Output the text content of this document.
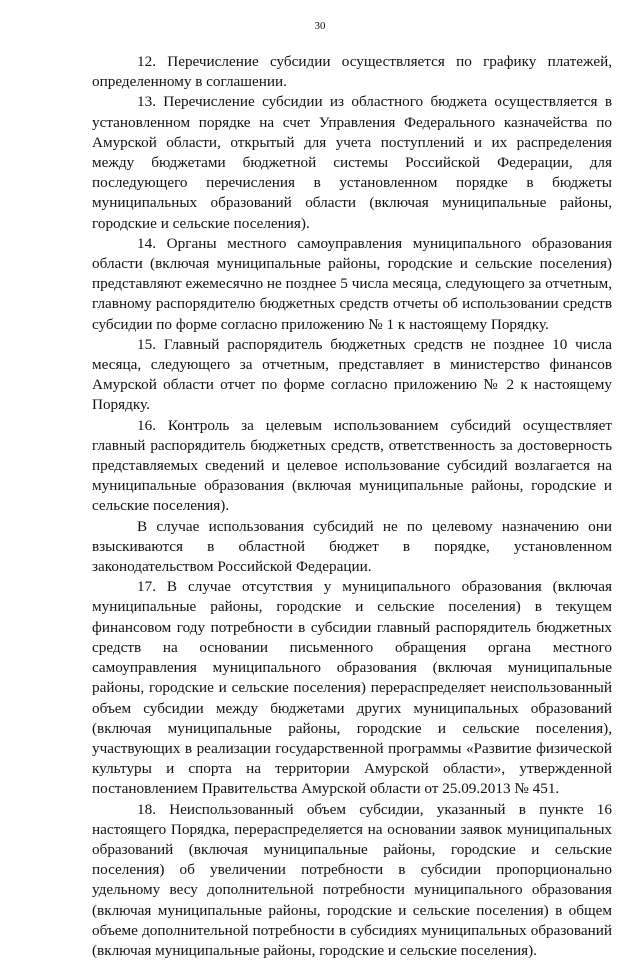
30

12. Перечисление субсидии осуществляется по графику платежей, определенному в соглашении.

13. Перечисление субсидии из областного бюджета осуществляется в установленном порядке на счет Управления Федерального казначейства по Амурской области, открытый для учета поступлений и их распределения между бюджетами бюджетной системы Российской Федерации, для последующего перечисления в установленном порядке в бюджеты муниципальных образований области (включая муниципальные районы, городские и сельские поселения).

14. Органы местного самоуправления муниципального образования области (включая муниципальные районы, городские и сельские поселения) представляют ежемесячно не позднее 5 числа месяца, следующего за отчетным, главному распорядителю бюджетных средств отчеты об использовании средств субсидии по форме согласно приложению № 1 к настоящему Порядку.

15. Главный распорядитель бюджетных средств не позднее 10 числа месяца, следующего за отчетным, представляет в министерство финансов Амурской области отчет по форме согласно приложению № 2 к настоящему Порядку.

16. Контроль за целевым использованием субсидий осуществляет главный распорядитель бюджетных средств, ответственность за достоверность представляемых сведений и целевое использование субсидий возлагается на муниципальные образования (включая муниципальные районы, городские и сельские поселения).

В случае использования субсидий не по целевому назначению они взыскиваются в областной бюджет в порядке, установленном законодательством Российской Федерации.

17. В случае отсутствия у муниципального образования (включая муниципальные районы, городские и сельские поселения) в текущем финансовом году потребности в субсидии главный распорядитель бюджетных средств на основании письменного обращения органа местного самоуправления муниципального образования (включая муниципальные районы, городские и сельские поселения) перераспределяет неиспользованный объем субсидии между бюджетами других муниципальных образований (включая муниципальные районы, городские и сельские поселения), участвующих в реализации государственной программы «Развитие физической культуры и спорта на территории Амурской области», утвержденной постановлением Правительства Амурской области от 25.09.2013 № 451.

18. Неиспользованный объем субсидии, указанный в пункте 16 настоящего Порядка, перераспределяется на основании заявок муниципальных образований (включая муниципальные районы, городские и сельские поселения) об увеличении потребности в субсидии пропорционально удельному весу дополнительной потребности муниципального образования (включая муниципальные районы, городские и сельские поселения) в общем объеме дополнительной потребности в субсидиях муниципальных образований (включая муниципальные районы, городские и сельские поселения).
